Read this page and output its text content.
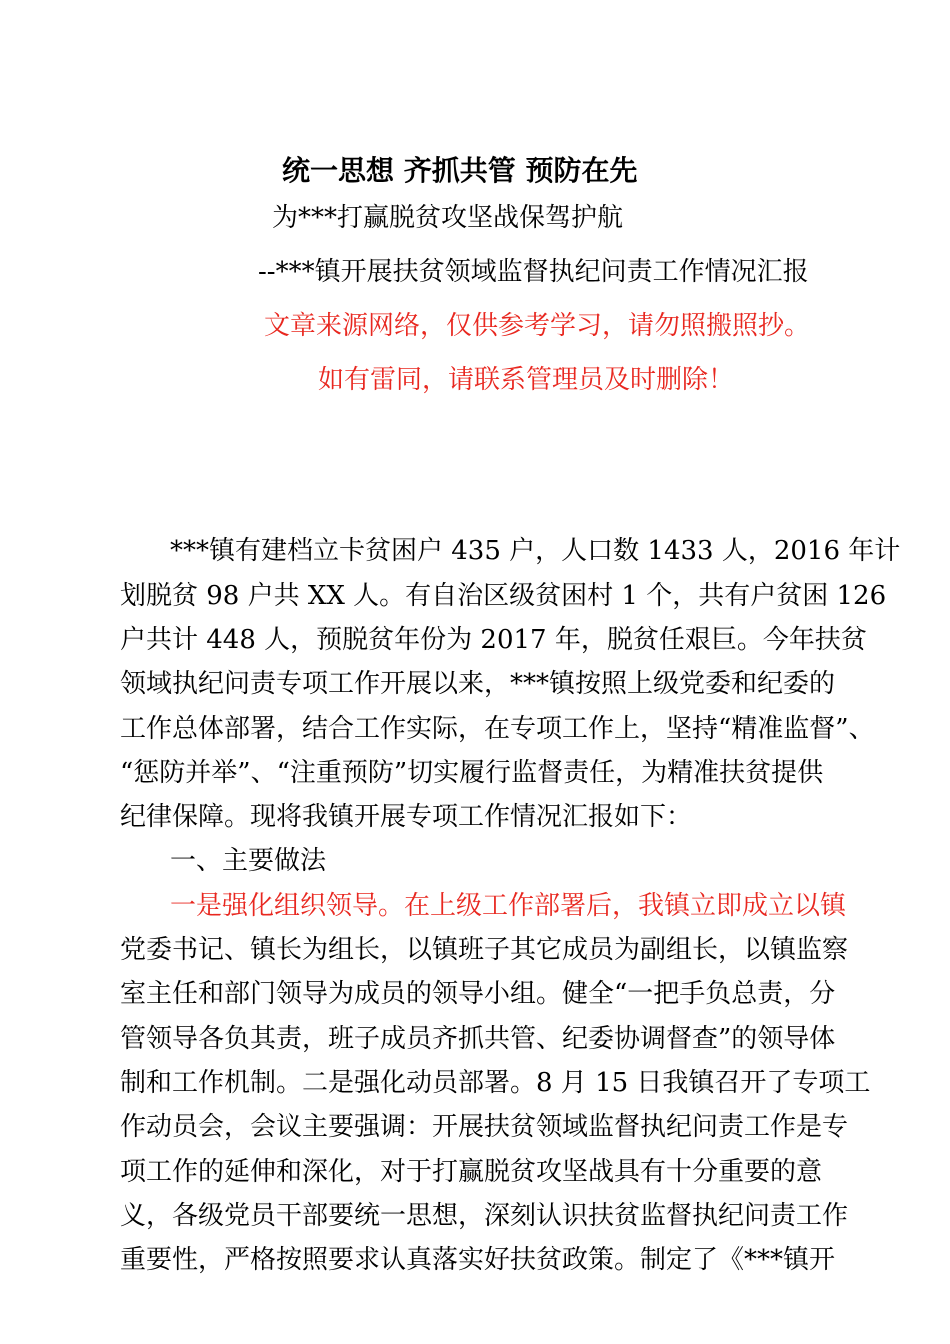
统一思想 齐抓共管 预防在先
为***打赢脱贫攻坚战保驾护航
--***镇开展扶贫领域监督执纪问责工作情况汇报
文章来源网络，仅供参考学习，请勿照搬照抄。
如有雷同，请联系管理员及时删除！
***镇有建档立卡贫困户 435 户，人口数 1433 人，2016 年计
划脱贫 98 户共 XX 人。有自治区级贫困村 1 个，共有户贫困 126
户共计 448 人，预脱贫年份为 2017 年，脱贫任艰巨。今年扶贫
领域执纪问责专项工作开展以来，***镇按照上级党委和纪委的
工作总体部署，结合工作实际，在专项工作上，坚持“精准监督”、
“惩防并举”、“注重预防”切实履行监督责任，为精准扶贫提供
纪律保障。现将我镇开展专项工作情况汇报如下：
一、主要做法
一是强化组织领导。在上级工作部署后，我镇立即成立以镇
党委书记、镇长为组长，以镇班子其它成员为副组长，以镇监察
室主任和部门领导为成员的领导小组。健全“一把手负总责，分
管领导各负其责，班子成员齐抓共管、纪委协调督查”的领导体
制和工作机制。二是强化动员部署。8 月 15 日我镇召开了专项工
作动员会，会议主要强调：开展扶贫领域监督执纪问责工作是专
项工作的延伸和深化，对于打赢脱贫攻坚战具有十分重要的意
义，各级党员干部要统一思想，深刻认识扶贫监督执纪问责工作
重要性，严格按照要求认真落实好扶贫政策。制定了《***镇开
